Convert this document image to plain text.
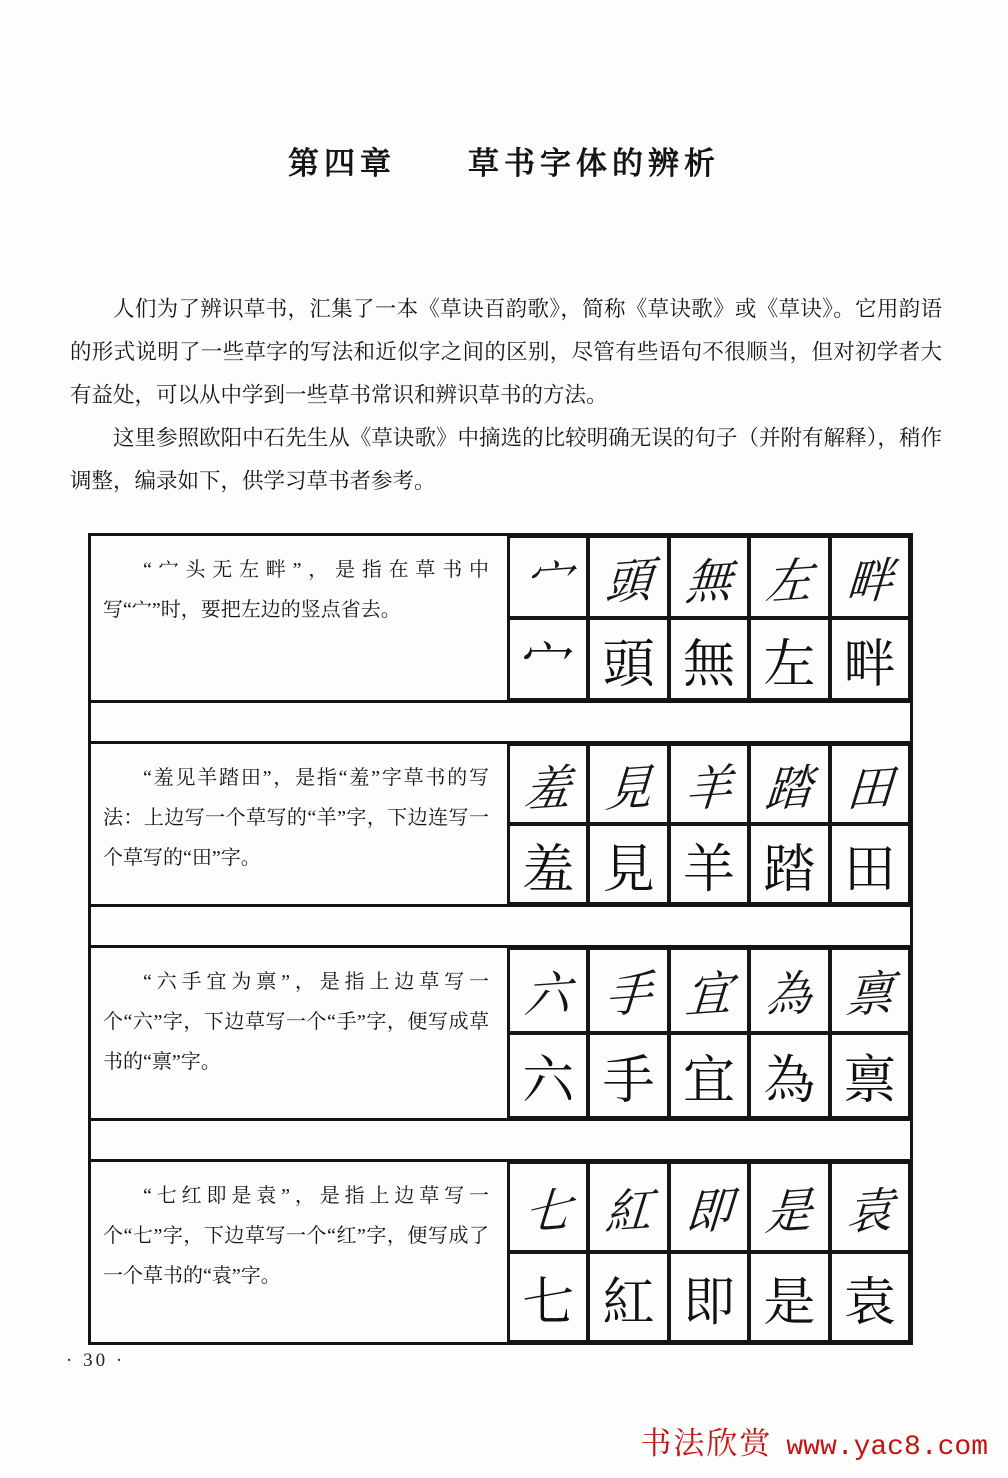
第四章　　草书字体的辨析

人们为了辨识草书，汇集了一本《草诀百韵歌》，简称《草诀歌》或《草诀》。它用韵语的形式说明了一些草字的写法和近似字之间的区别，尽管有些语句不很顺当，但对初学者大有益处，可以从中学到一些草书常识和辨识草书的方法。

这里参照欧阳中石先生从《草诀歌》中摘选的比较明确无误的句子（并附有解释），稍作调整，编录如下，供学习草书者参考。

“宀头无左畔”，是指在草书中写“宀”时，要把左边的竖点省去。	宀 頭 無 左 畔
宀 頭 無 左 畔
“羞见羊踏田”，是指“羞”字草书的写法：上边写一个草写的“羊”字，下边连写一个草写的“田”字。
羞 見 羊 踏 田
羞 見 羊 踏 田
“六手宜为禀”，是指上边草写一个“六”字，下边草写一个“手”字，便写成草书的“禀”字。
六 手 宜 為 禀
六 手 宜 為 禀
“七红即是袁”，是指上边草写一个“七”字，下边草写一个“红”字，便写成了一个草书的“袁”字。
七 紅 即 是 袁
七 紅 即 是 袁
· 30 ·
书法欣赏 www.yac8.com
